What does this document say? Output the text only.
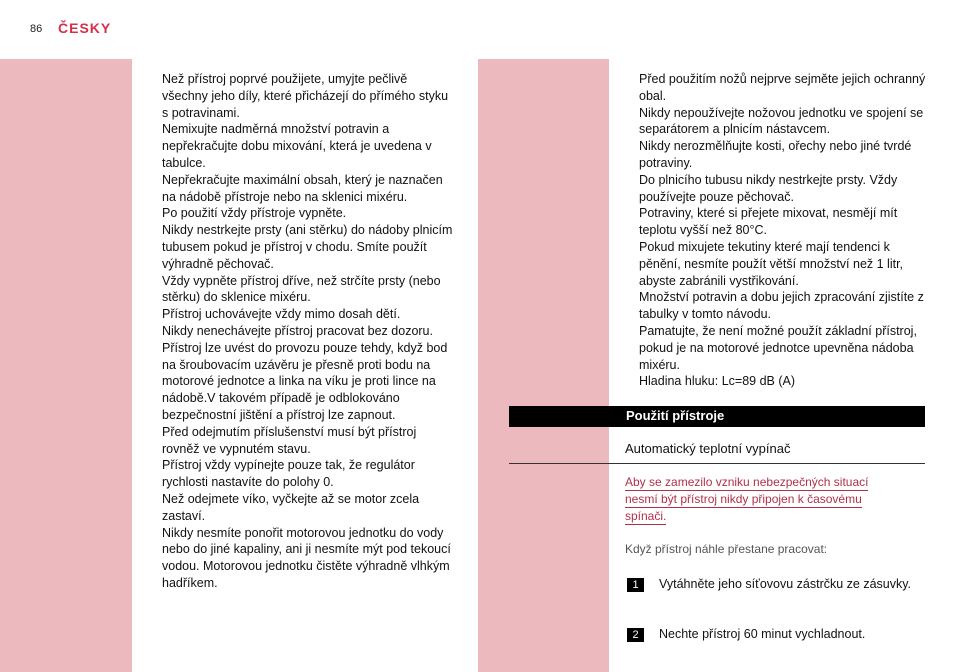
86 ČESKY

Než přístroj poprvé použijete, umyjte pečlivě všechny jeho díly, které přicházejí do přímého styku s potravinami.

Nemixujte nadměrná množství potravin a nepřekračujte dobu mixování, která je uvedena v tabulce.

Nepřekračujte maximální obsah, který je naznačen na nádobě přístroje nebo na sklenici mixéru.

Po použití vždy přístroje vypněte.

Nikdy nestrkejte prsty (ani stěrku) do nádoby plnicím tubusem pokud je přístroj v chodu. Smíte použít výhradně pěchovač.

Vždy vypněte přístroj dříve, než strčíte prsty (nebo stěrku) do sklenice mixéru.

Přístroj uchovávejte vždy mimo dosah dětí.

Nikdy nenechávejte přístroj pracovat bez dozoru.

Přístroj lze uvést do provozu pouze tehdy, když bod na šroubovacím uzávěru je přesně proti bodu na motorové jednotce a linka na víku je proti lince na nádobě.V takovém případě je odblokováno bezpečnostní jištění a přístroj lze zapnout.

Před odejmutím příslušenství musí být přístroj rovněž ve vypnutém stavu.

Přístroj vždy vypínejte pouze tak, že regulátor rychlosti nastavíte do polohy 0.

Než odejmete víko, vyčkejte až se motor zcela zastaví.

Nikdy nesmíte ponořit motorovou jednotku do vody nebo do jiné kapaliny, ani ji nesmíte mýt pod tekoucí vodou. Motorovou jednotku čistěte výhradně vlhkým hadříkem.

Před použitím nožů nejprve sejměte jejich ochranný obal.

Nikdy nepoužívejte nožovou jednotku ve spojení se separátorem a plnicím nástavcem.

Nikdy nerozmělňujte kosti, ořechy nebo jiné tvrdé potraviny.

Do plnicího tubusu nikdy nestrkejte prsty. Vždy používejte pouze pěchovač.

Potraviny, které si přejete mixovat, nesmějí mít teplotu vyšší než 80°C.

Pokud mixujete tekutiny které mají tendenci k pěnění, nesmíte použít větší množství než 1 litr, abyste zabránili vystřikování.

Množství potravin a dobu jejich zpracování zjistíte z tabulky v tomto návodu.

Pamatujte, že není možné použít základní přístroj, pokud je na motorové jednotce upevněna nádoba mixéru.

Hladina hluku: Lc=89 dB (A)

Použití přístroje
Automatický teplotní vypínač
Aby se zamezilo vzniku nebezpečných situací
nesmí být přístroj nikdy připojen k časovému
spínači.
Když přístroj náhle přestane pracovat:
1	Vytáhněte jeho síťovovu zástrčku ze zásuvky.
2	Nechte přístroj 60 minut vychladnout.
